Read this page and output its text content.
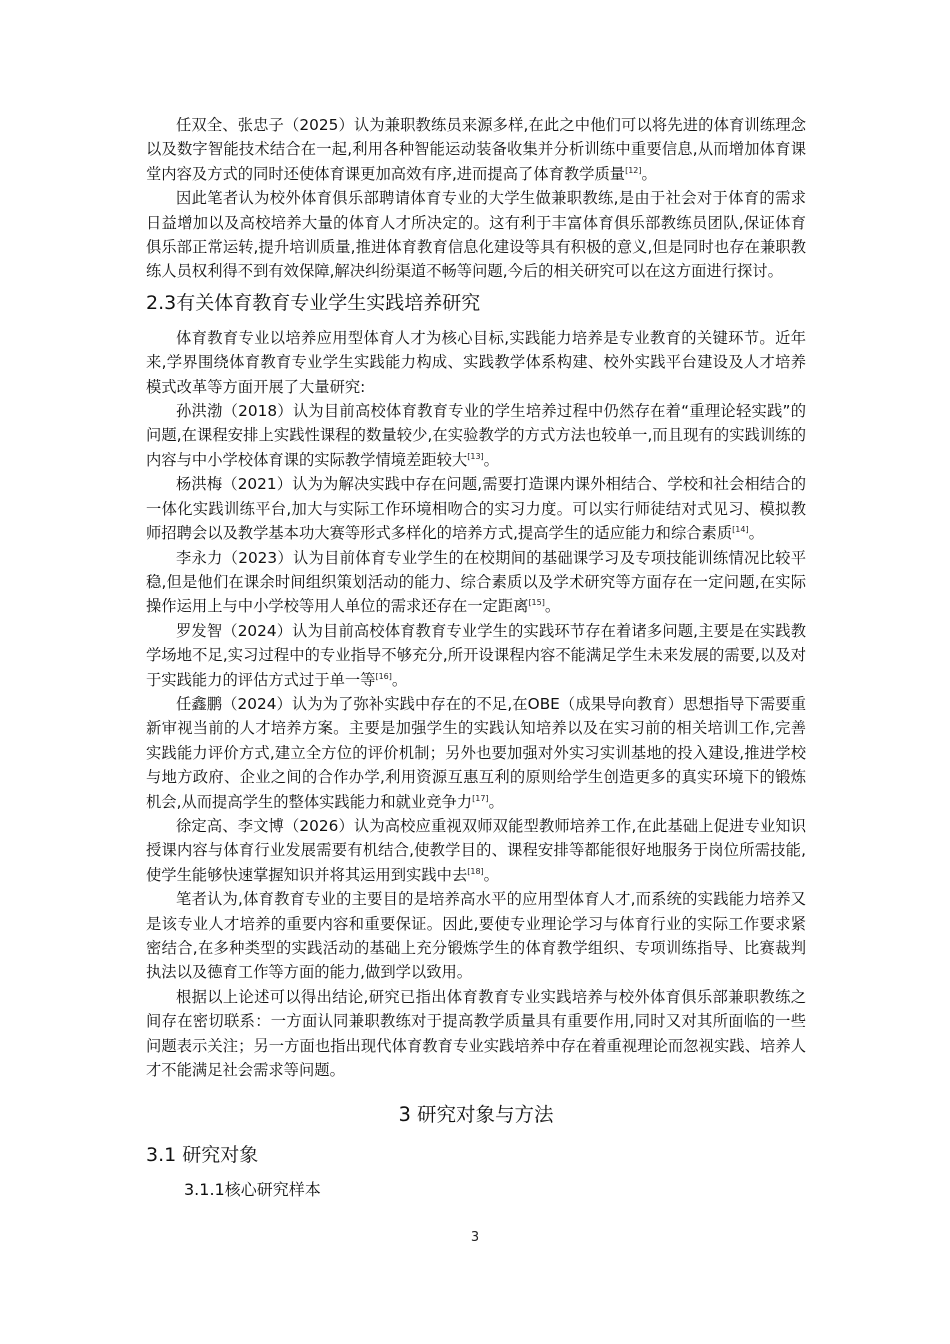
任双全、张忠子（2025）认为兼职教练员来源多样,在此之中他们可以将先进的体育训练理念以及数字智能技术结合在一起,利用各种智能运动装备收集并分析训练中重要信息,从而增加体育课堂内容及方式的同时还使体育课更加高效有序,进而提高了体育教学质量[12]。

因此笔者认为校外体育俱乐部聘请体育专业的大学生做兼职教练,是由于社会对于体育的需求日益增加以及高校培养大量的体育人才所决定的。这有利于丰富体育俱乐部教练员团队,保证体育俱乐部正常运转,提升培训质量,推进体育教育信息化建设等具有积极的意义,但是同时也存在兼职教练人员权利得不到有效保障,解决纠纷渠道不畅等问题,今后的相关研究可以在这方面进行探讨。

2.3有关体育教育专业学生实践培养研究

体育教育专业以培养应用型体育人才为核心目标,实践能力培养是专业教育的关键环节。近年来,学界围绕体育教育专业学生实践能力构成、实践教学体系构建、校外实践平台建设及人才培养模式改革等方面开展了大量研究:

孙洪渤（2018）认为目前高校体育教育专业的学生培养过程中仍然存在着“重理论轻实践”的问题,在课程安排上实践性课程的数量较少,在实验教学的方式方法也较单一,而且现有的实践训练的内容与中小学校体育课的实际教学情境差距较大[13]。

杨洪梅（2021）认为为解决实践中存在问题,需要打造课内课外相结合、学校和社会相结合的一体化实践训练平台,加大与实际工作环境相吻合的实习力度。可以实行师徒结对式见习、模拟教师招聘会以及教学基本功大赛等形式多样化的培养方式,提高学生的适应能力和综合素质[14]。

李永力（2023）认为目前体育专业学生的在校期间的基础课学习及专项技能训练情况比较平稳,但是他们在课余时间组织策划活动的能力、综合素质以及学术研究等方面存在一定问题,在实际操作运用上与中小学校等用人单位的需求还存在一定距离[15]。

罗发智（2024）认为目前高校体育教育专业学生的实践环节存在着诸多问题,主要是在实践教学场地不足,实习过程中的专业指导不够充分,所开设课程内容不能满足学生未来发展的需要,以及对于实践能力的评估方式过于单一等[16]。

任鑫鹏（2024）认为为了弥补实践中存在的不足,在OBE（成果导向教育）思想指导下需要重新审视当前的人才培养方案。主要是加强学生的实践认知培养以及在实习前的相关培训工作,完善实践能力评价方式,建立全方位的评价机制；另外也要加强对外实习实训基地的投入建设,推进学校与地方政府、企业之间的合作办学,利用资源互惠互利的原则给学生创造更多的真实环境下的锻炼机会,从而提高学生的整体实践能力和就业竞争力[17]。

徐定高、李文博（2026）认为高校应重视双师双能型教师培养工作,在此基础上促进专业知识授课内容与体育行业发展需要有机结合,使教学目的、课程安排等都能很好地服务于岗位所需技能,使学生能够快速掌握知识并将其运用到实践中去[18]。

笔者认为,体育教育专业的主要目的是培养高水平的应用型体育人才,而系统的实践能力培养又是该专业人才培养的重要内容和重要保证。因此,要使专业理论学习与体育行业的实际工作要求紧密结合,在多种类型的实践活动的基础上充分锻炼学生的体育教学组织、专项训练指导、比赛裁判执法以及德育工作等方面的能力,做到学以致用。

根据以上论述可以得出结论,研究已指出体育教育专业实践培养与校外体育俱乐部兼职教练之间存在密切联系：一方面认同兼职教练对于提高教学质量具有重要作用,同时又对其所面临的一些问题表示关注；另一方面也指出现代体育教育专业实践培养中存在着重视理论而忽视实践、培养人才不能满足社会需求等问题。

3 研究对象与方法
3.1 研究对象
3.1.1核心研究样本
3
